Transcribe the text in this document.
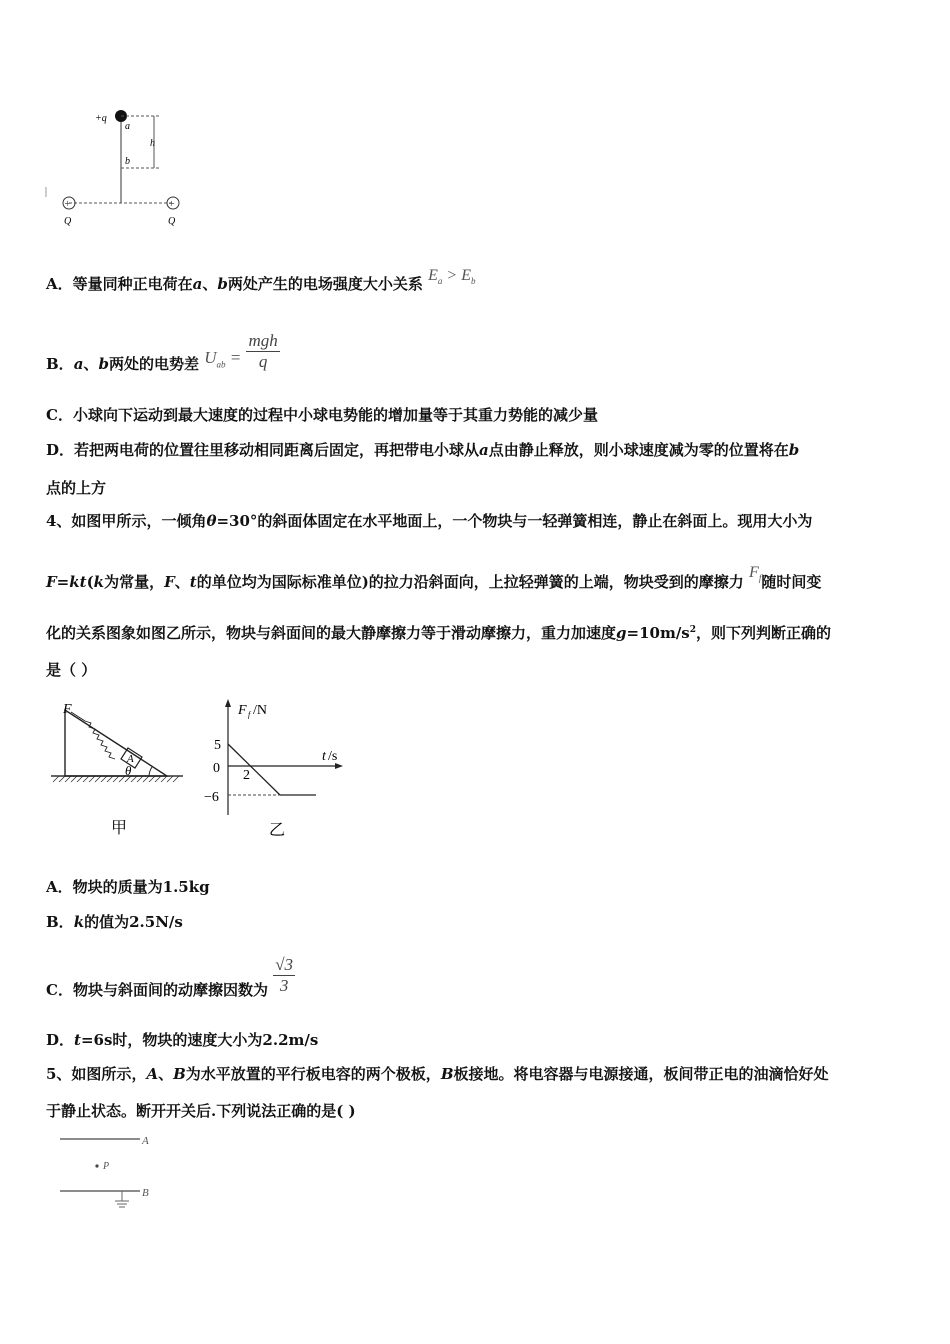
+q
a
b
h
+	+
Q	Q
A．等量同种正电荷在a、b两处产生的电场强度大小关系 $E_a > E_b$
B．a、b两处的电势差 $U_{ab} = \frac{\text{mgh}}{q}$
C．小球向下运动到最大速度的过程中小球电势能的增加量等于其重力势能的减少量
D．若把两电荷的位置往里移动相同距离后固定，再把带电小球从a点由静止释放，则小球速度减为零的位置将在b
点的上方
4、如图甲所示，一倾角θ=30°的斜面体固定在水平地面上，一个物块与一轻弹簧相连，静止在斜面上。现用大小为
F=kt(k为常量，F、t的单位均为国际标准单位)的拉力沿斜面向，上拉轻弹簧的上端，物块受到的摩擦力 $F_f$随时间变
化的关系图象如图乙所示，物块与斜面间的最大静摩擦力等于滑动摩擦力，重力加速度$g=10m/s^2$，则下列判断正确的
是（ ）
A
F
θ
甲
F f /N
t /s
5
0
−6
2
乙
A．物块的质量为1.5kg
B．k的值为2.5N/s
C．物块与斜面间的动摩擦因数为 $\frac{√3}{3}$
D．t=6s时，物块的速度大小为2.2m/s
5、如图所示，A、B为水平放置的平行板电容的两个极板，B板接地。将电容器与电源接通，板间带正电的油滴恰好处
于静止状态。断开开关后.下列说法正确的是( )
A
P
B
